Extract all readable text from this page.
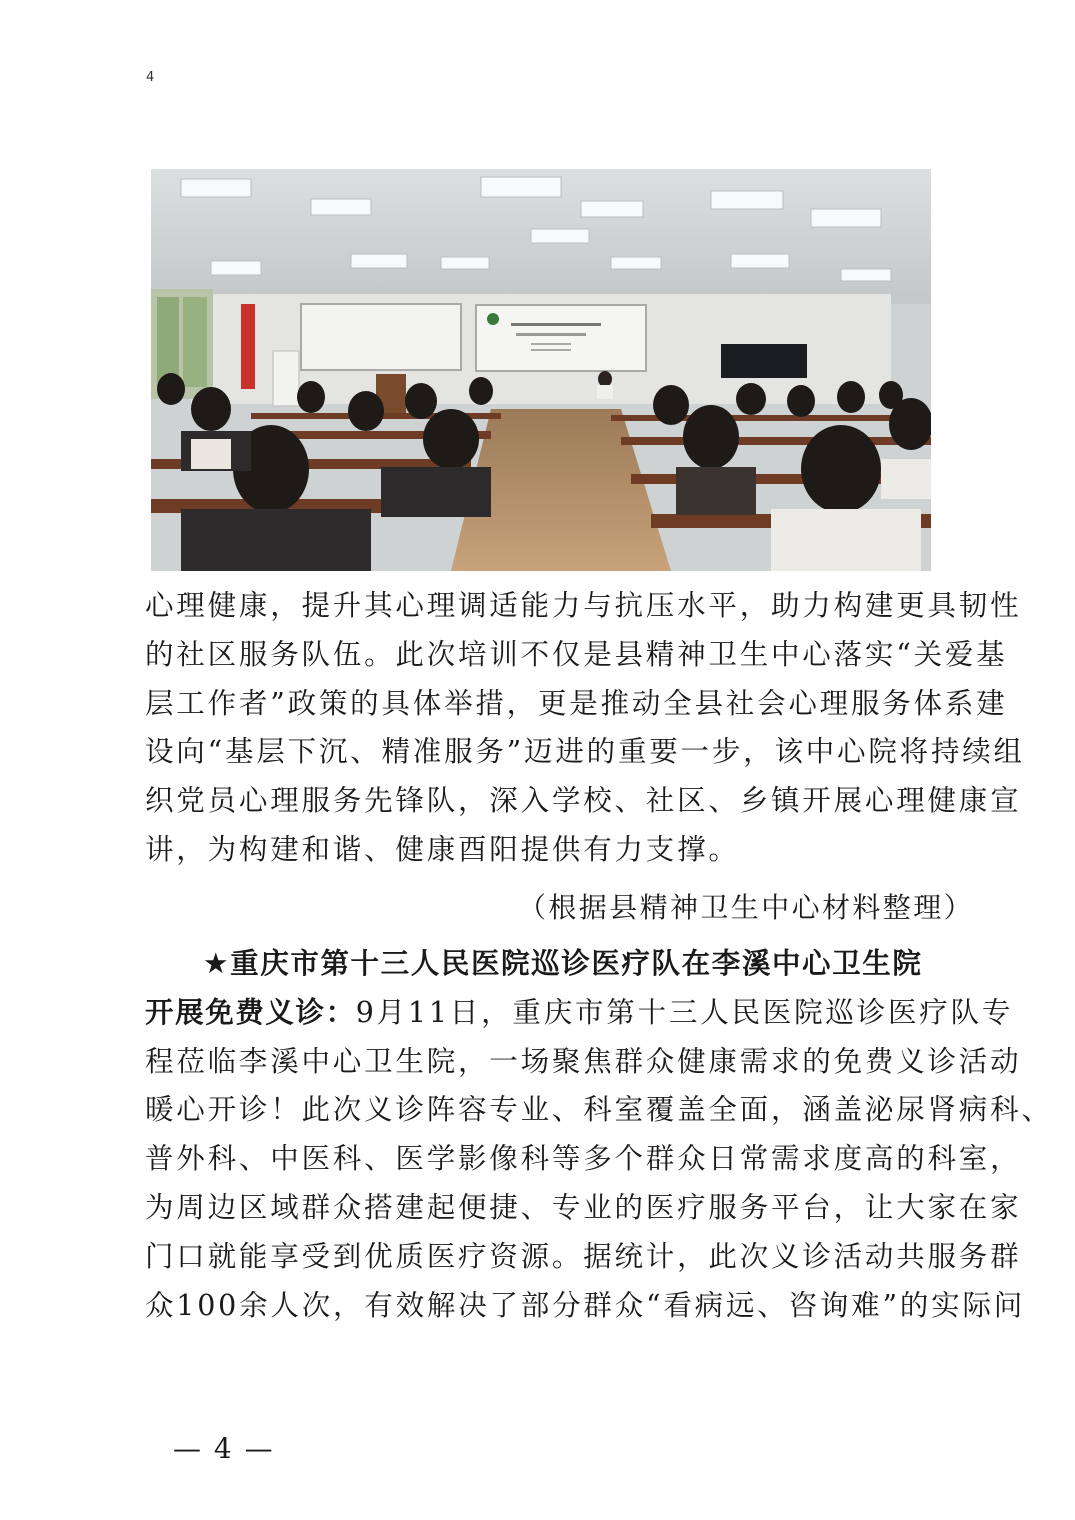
4
心理健康，提升其心理调适能力与抗压水平，助力构建更具韧性
的社区服务队伍。此次培训不仅是县精神卫生中心落实“关爱基
层工作者”政策的具体举措，更是推动全县社会心理服务体系建
设向“基层下沉、精准服务”迈进的重要一步，该中心院将持续组
织党员心理服务先锋队，深入学校、社区、乡镇开展心理健康宣
讲，为构建和谐、健康酉阳提供有力支撑。
（根据县精神卫生中心材料整理）
★重庆市第十三人民医院巡诊医疗队在李溪中心卫生院
开展免费义诊：9月11日，重庆市第十三人民医院巡诊医疗队专
程莅临李溪中心卫生院，一场聚焦群众健康需求的免费义诊活动
暖心开诊！此次义诊阵容专业、科室覆盖全面，涵盖泌尿肾病科、
普外科、中医科、医学影像科等多个群众日常需求度高的科室，
为周边区域群众搭建起便捷、专业的医疗服务平台，让大家在家
门口就能享受到优质医疗资源。据统计，此次义诊活动共服务群
众100余人次，有效解决了部分群众“看病远、咨询难”的实际问
— 4 —
